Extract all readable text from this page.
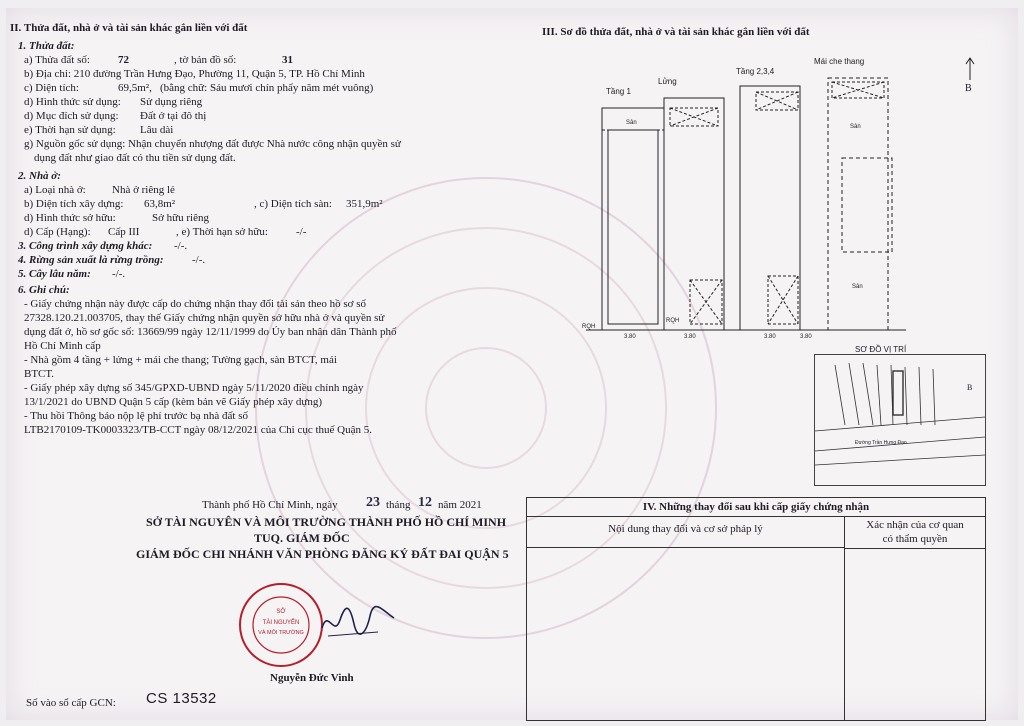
II. Thửa đất, nhà ở và tài sản khác gắn liền với đất
1. Thửa đất:
a) Thửa đất số:	72	, tờ bản đồ số:	31
b) Địa chỉ: 210 đường Trần Hưng Đạo, Phường 11, Quận 5, TP. Hồ Chí Minh
c) Diện tích:	69,5m², (bằng chữ: Sáu mươi chín phẩy năm mét vuông)
d) Hình thức sử dụng: Sử dụng riêng
d) Mục đích sử dụng: Đất ở tại đô thị
e) Thời hạn sử dụng: Lâu dài
g) Nguồn gốc sử dụng: Nhận chuyển nhượng đất được Nhà nước công nhận quyền sử
dụng đất như giao đất có thu tiền sử dụng đất.
2. Nhà ở:
a) Loại nhà ở: Nhà ở riêng lẻ
b) Diện tích xây dựng: 63,8m²	, c) Diện tích sàn: 351,9m²
d) Hình thức sở hữu:	Sở hữu riêng
d) Cấp (Hạng): Cấp III	, e) Thời hạn sở hữu:	-/-
3. Công trình xây dựng khác: -/-.
4. Rừng sản xuất là rừng trồng:	-/-.
5. Cây lâu năm: -/-.
6. Ghi chú:
- Giấy chứng nhận này được cấp do chứng nhận thay đổi tài sản theo hồ sơ số
27328.120.21.003705, thay thế Giấy chứng nhận quyền sở hữu nhà ở và quyền sử
dụng đất ở, hồ sơ gốc số: 13669/99 ngày 12/11/1999 do Ủy ban nhân dân Thành phố
Hồ Chí Minh cấp
- Nhà gồm 4 tầng + lửng + mái che thang; Tường gạch, sàn BTCT, mái
BTCT.
- Giấy phép xây dựng số 345/GPXD-UBND ngày 5/11/2020 điều chỉnh ngày
13/1/2021 do UBND Quận 5 cấp (kèm bản vẽ Giấy phép xây dựng)
- Thu hồi Thông báo nộp lệ phí trước bạ nhà đất số
LTB2170109-TK0003323/TB-CCT ngày 08/12/2021 của Chi cục thuế Quận 5.
Thành phố Hồ Chí Minh, ngày 23 tháng 12 năm 2021
SỞ TÀI NGUYÊN VÀ MÔI TRƯỜNG THÀNH PHỐ HỒ CHÍ MINH
TUQ. GIÁM ĐỐC
GIÁM ĐỐC CHI NHÁNH VĂN PHÒNG ĐĂNG KÝ ĐẤT ĐAI QUẬN 5
SỞ
TÀI NGUYÊN
VÀ MÔI TRƯỜNG
Nguyễn Đức Vinh
Số vào sổ cấp GCN: CS 13532
III. Sơ đồ thửa đất, nhà ở và tài sản khác gắn liền với đất
B
Tầng 1
Lửng
Tầng 2,3,4
Mái che thang
Sân
Sân
Sân
RQH
RQH
3.80	3.80	3.80	3.80
SƠ ĐỒ VỊ TRÍ
Đường Trần Hưng Đạo
B
IV. Những thay đổi sau khi cấp giấy chứng nhận
Nội dung thay đổi và cơ sở pháp lý	Xác nhận của cơ quan
có thẩm quyền
